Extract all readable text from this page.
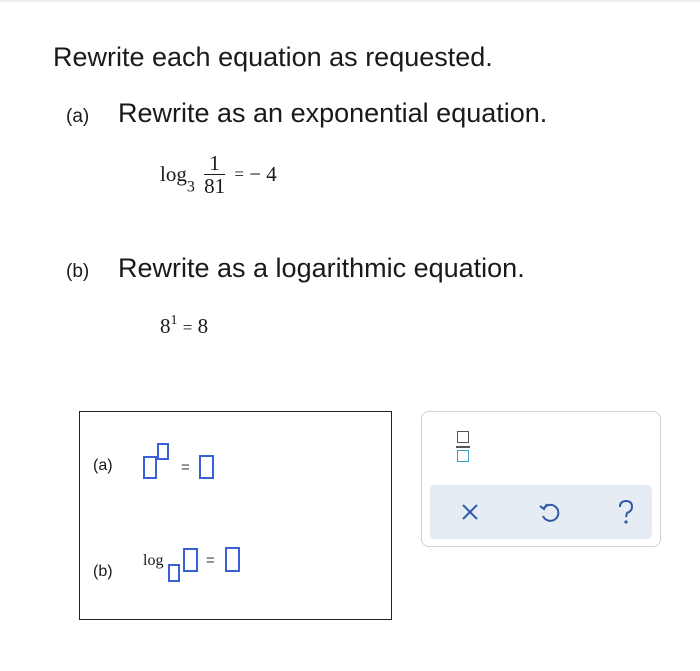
Rewrite each equation as requested.
(a) Rewrite as an exponential equation.
$\log_3 \frac{1}{81}$ = − 4
(b) Rewrite as a logarithmic equation.
$8^1 = 8$
(a)	=
(b)
log	=
